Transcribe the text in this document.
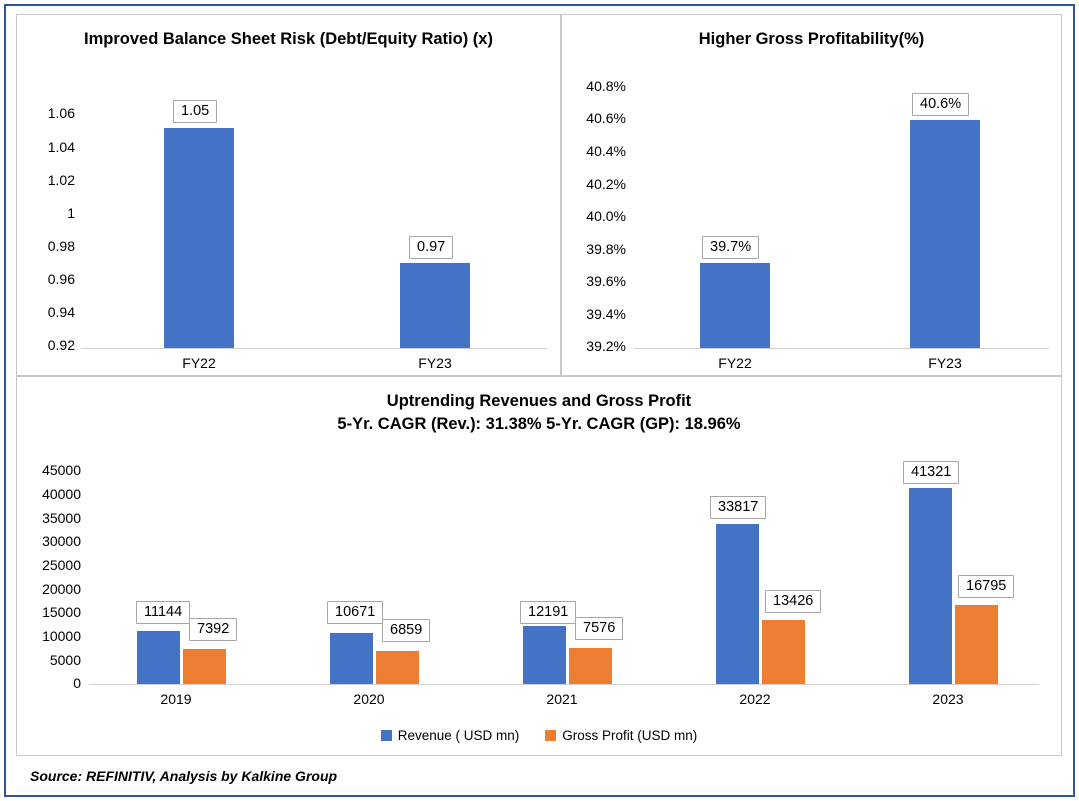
Improved Balance Sheet Risk (Debt/Equity Ratio) (x)
1.06
1.04
1.02
1
0.98
0.96
0.94
0.92
1.05
0.97
FY22	FY23
Higher Gross Profitability(%)
40.8%
40.6%
40.4%
40.2%
40.0%
39.8%
39.6%
39.4%
39.2%
39.7%
40.6%
FY22	FY23
Uptrending Revenues and Gross Profit
5-Yr. CAGR (Rev.): 31.38% 5-Yr. CAGR (GP): 18.96%
45000
40000
35000
30000
25000
20000
15000
10000
5000
0
11144
7392
10671
6859
12191
7576
33817
13426
41321
16795
2019	2020	2021	2022	2023
Revenue ( USD mn)	Gross Profit (USD mn)
Source: REFINITIV, Analysis by Kalkine Group
